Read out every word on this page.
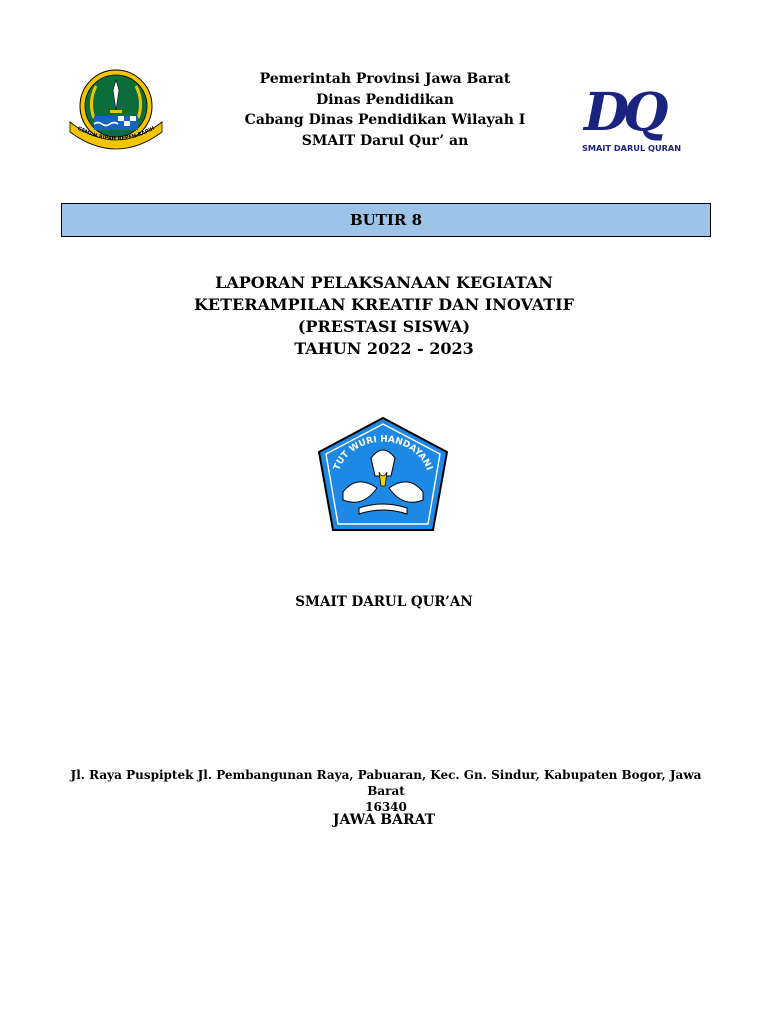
GEMAH RIPAH REPEH RAPIH
Pemerintah Provinsi Jawa Barat
Dinas Pendidikan
Cabang Dinas Pendidikan Wilayah I
SMAIT Darul Qur’ an	DQ
SMAIT DARUL QURAN
BUTIR 8
LAPORAN PELAKSANAAN KEGIATAN
KETERAMPILAN KREATIF DAN INOVATIF
(PRESTASI SISWA)
TAHUN 2022 - 2023
TUT WURI HANDAYANI
SMAIT DARUL QUR’AN
Jl. Raya Puspiptek Jl. Pembangunan Raya, Pabuaran, Kec. Gn. Sindur, Kabupaten Bogor, Jawa Barat
16340
JAWA BARAT
